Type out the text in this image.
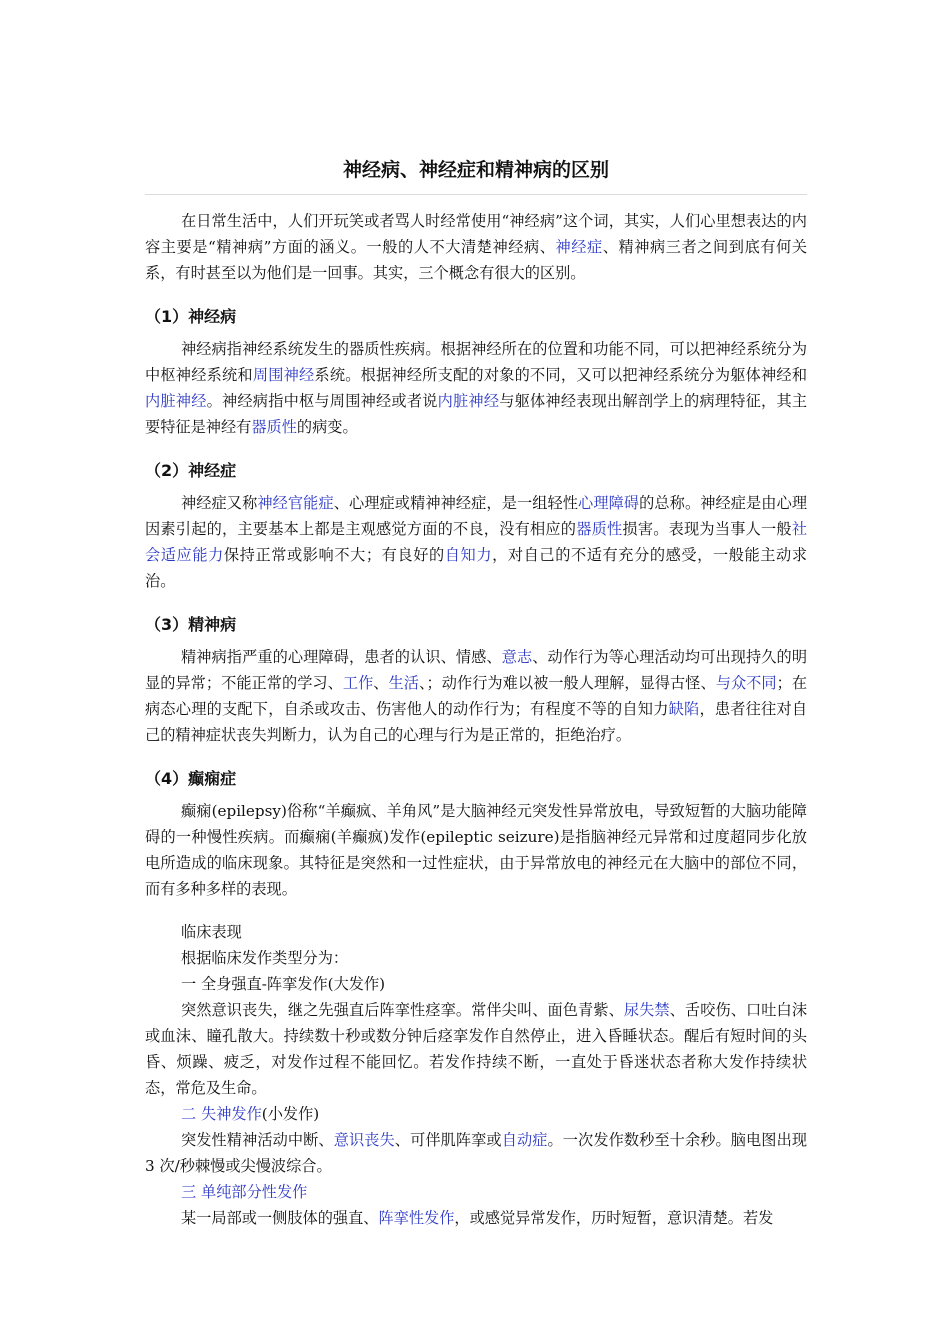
神经病、神经症和精神病的区别

在日常生活中，人们开玩笑或者骂人时经常使用“神经病”这个词，其实，人们心里想表达的内容主要是“精神病”方面的涵义。一般的人不大清楚神经病、神经症、精神病三者之间到底有何关系，有时甚至以为他们是一回事。其实，三个概念有很大的区别。

（1）神经病

神经病指神经系统发生的器质性疾病。根据神经所在的位置和功能不同，可以把神经系统分为中枢神经系统和周围神经系统。根据神经所支配的对象的不同，又可以把神经系统分为躯体神经和内脏神经。神经病指中枢与周围神经或者说内脏神经与躯体神经表现出解剖学上的病理特征，其主要特征是神经有器质性的病变。

（2）神经症

神经症又称神经官能症、心理症或精神神经症，是一组轻性心理障碍的总称。神经症是由心理因素引起的，主要基本上都是主观感觉方面的不良，没有相应的器质性损害。表现为当事人一般社会适应能力保持正常或影响不大；有良好的自知力，对自己的不适有充分的感受，一般能主动求治。

（3）精神病

精神病指严重的心理障碍，患者的认识、情感、意志、动作行为等心理活动均可出现持久的明显的异常；不能正常的学习、工作、生活、；动作行为难以被一般人理解，显得古怪、与众不同；在病态心理的支配下，自杀或攻击、伤害他人的动作行为；有程度不等的自知力缺陷，患者往往对自己的精神症状丧失判断力，认为自己的心理与行为是正常的，拒绝治疗。

（4）癫痫症

癫痫(epilepsy)俗称“羊癫疯、羊角风”是大脑神经元突发性异常放电，导致短暂的大脑功能障碍的一种慢性疾病。而癫痫(羊癫疯)发作(epileptic seizure)是指脑神经元异常和过度超同步化放电所造成的临床现象。其特征是突然和一过性症状，由于异常放电的神经元在大脑中的部位不同，而有多种多样的表现。

临床表现

根据临床发作类型分为：

一 全身强直-阵挛发作(大发作)

突然意识丧失，继之先强直后阵挛性痉挛。常伴尖叫、面色青紫、尿失禁、舌咬伤、口吐白沫或血沫、瞳孔散大。持续数十秒或数分钟后痉挛发作自然停止，进入昏睡状态。醒后有短时间的头昏、烦躁、疲乏，对发作过程不能回忆。若发作持续不断，一直处于昏迷状态者称大发作持续状态，常危及生命。

二 失神发作(小发作)

突发性精神活动中断、意识丧失、可伴肌阵挛或自动症。一次发作数秒至十余秒。脑电图出现 3 次/秒棘慢或尖慢波综合。

三 单纯部分性发作

某一局部或一侧肢体的强直、阵挛性发作，或感觉异常发作，历时短暂，意识清楚。若发
